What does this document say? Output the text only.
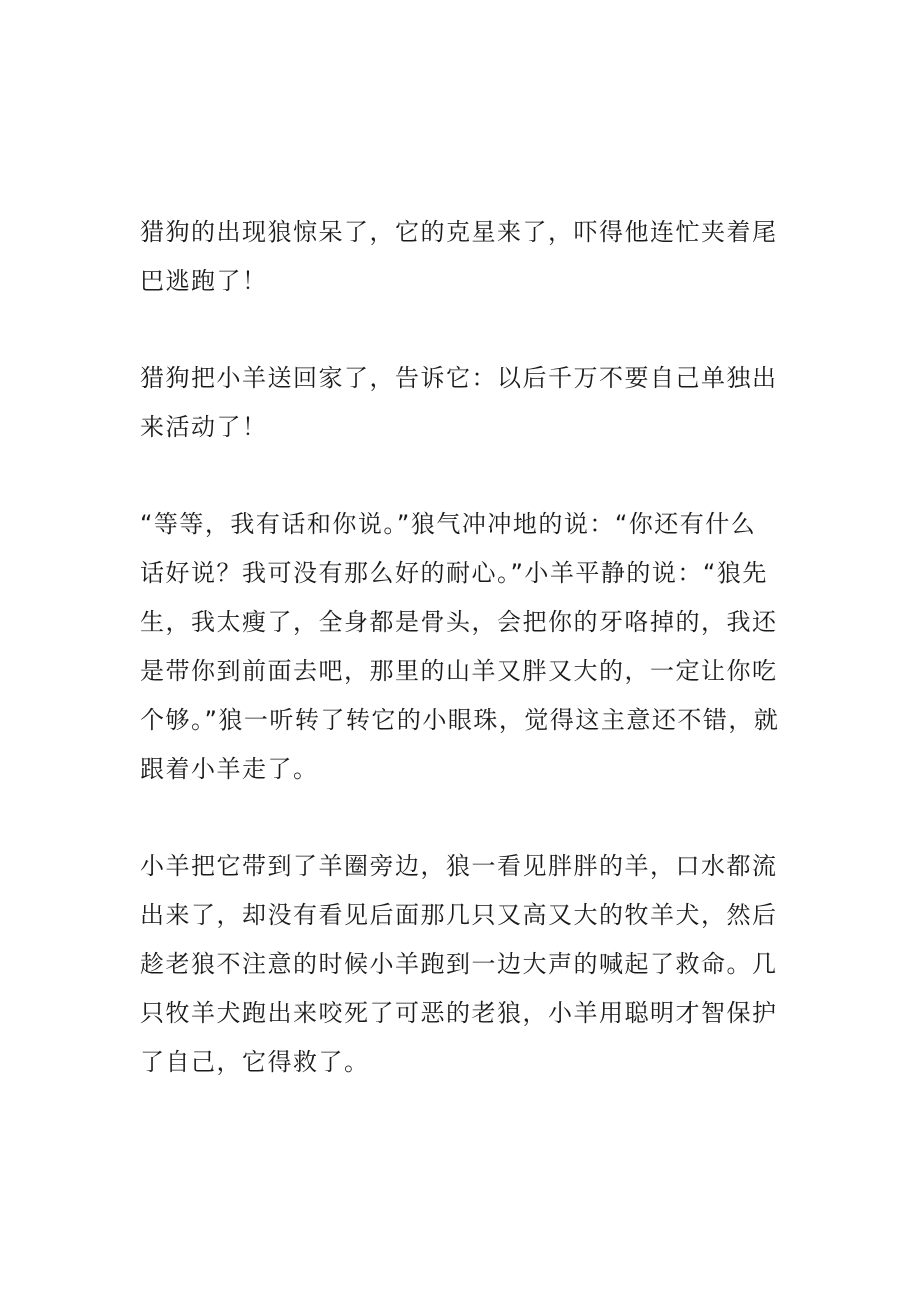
猎狗的出现狼惊呆了，它的克星来了，吓得他连忙夹着尾
巴逃跑了！

猎狗把小羊送回家了，告诉它：以后千万不要自己单独出
来活动了！

“等等，我有话和你说。”狼气冲冲地的说：“你还有什么
话好说？我可没有那么好的耐心。”小羊平静的说：“狼先
生，我太瘦了，全身都是骨头，会把你的牙咯掉的，我还
是带你到前面去吧，那里的山羊又胖又大的，一定让你吃
个够。”狼一听转了转它的小眼珠，觉得这主意还不错，就
跟着小羊走了。

小羊把它带到了羊圈旁边，狼一看见胖胖的羊，口水都流
出来了，却没有看见后面那几只又高又大的牧羊犬，然后
趁老狼不注意的时候小羊跑到一边大声的喊起了救命。几
只牧羊犬跑出来咬死了可恶的老狼，小羊用聪明才智保护
了自己，它得救了。
